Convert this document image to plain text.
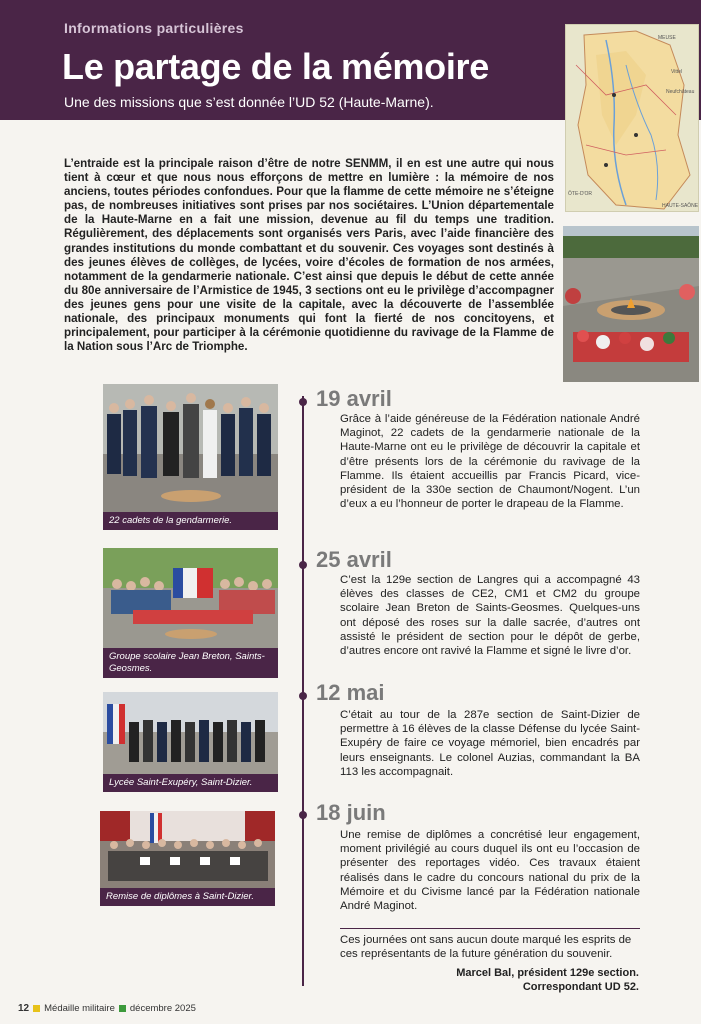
Informations particulières
Le partage de la mémoire
Une des missions que s’est donnée l’UD 52 (Haute-Marne).
MEUSE
Vittel
Neufchâteau
HAUTE-SAÔNE
ÔTE-D'OR

L’entraide est la principale raison d’être de notre SENMM, il en est une autre qui nous tient à cœur et que nous nous efforçons de mettre en lumière : la mémoire de nos anciens, toutes périodes confondues. Pour que la flamme de cette mémoire ne s’éteigne pas, de nombreuses initiatives sont prises par nos sociétaires. L’Union départementale de la Haute-Marne en a fait une mission, devenue au fil du temps une tradition. Régulièrement, des déplacements sont organisés vers Paris, avec l’aide financière des grandes institutions du monde combattant et du souvenir. Ces voyages sont destinés à des jeunes élèves de collèges, de lycées, voire d’écoles de formation de nos armées, notamment de la gendarmerie nationale. C’est ainsi que depuis le début de cette année du 80e anniversaire de l’Armistice de 1945, 3 sections ont eu le privilège d’accompagner des jeunes gens pour une visite de la capitale, avec la découverte de l’assemblée nationale, des principaux monuments qui font la fierté de nos concitoyens, et principalement, pour participer à la cérémonie quotidienne du ravivage de la Flamme de la Nation sous l’Arc de Triomphe.

22 cadets de la gendarmerie.
19 avril

Grâce à l’aide généreuse de la Fédération nationale André Maginot, 22 cadets de la gendarmerie nationale de la Haute-Marne ont eu le privilège de découvrir la capitale et d’être présents lors de la cérémonie du ravivage de la Flamme. Ils étaient accueillis par Francis Picard, vice-président de la 330e section de Chaumont/Nogent. L’un d’eux a eu l’honneur de porter le drapeau de la Flamme.

Groupe scolaire Jean Breton, Saints-Geosmes.
25 avril

C’est la 129e section de Langres qui a accompagné 43 élèves des classes de CE2, CM1 et CM2 du groupe scolaire Jean Breton de Saints-Geosmes. Quelques-uns ont déposé des roses sur la dalle sacrée, d’autres ont assisté le président de section pour le dépôt de gerbe, d’autres encore ont ravivé la Flamme et signé le livre d’or.

Lycée Saint-Exupéry, Saint-Dizier.
12 mai

C’était au tour de la 287e section de Saint-Dizier de permettre à 16 élèves de la classe Défense du lycée Saint-Exupéry de faire ce voyage mémoriel, bien encadrés par leurs enseignants. Le colonel Auzias, commandant la BA 113 les accompagnait.

Remise de diplômes à Saint-Dizier.
18 juin

Une remise de diplômes a concrétisé leur engagement, moment privilégié au cours duquel ils ont eu l’occasion de présenter des reportages vidéo. Ces travaux étaient réalisés dans le cadre du concours national du prix de la Mémoire et du Civisme lancé par la Fédération nationale André Maginot.

Ces journées ont sans aucun doute marqué les esprits de ces représentants de la future génération du souvenir.

Marcel Bal, président 129e section.
Correspondant UD 52.
12 Médaille militaire décembre 2025
